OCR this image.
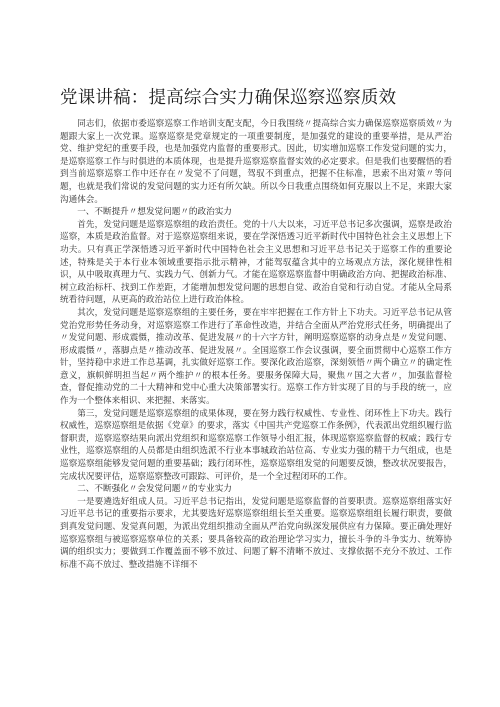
党课讲稿：提高综合实力确保巡察巡察质效

同志们，依据市委巡察巡察工作培训支配支配，今日我围绕〃提高综合实力确保巡察巡察质效〃为题跟大家上一次党课。巡察巡察是党章规定的一项重要制度，是加强党的建设的重要举措，是从严治党、维护党纪的重要手段，也是加强党内监督的重要形式。因此，切实增加巡察工作发觉问题的实力，是巡察巡察工作与时俱进的本质体现，也是提升巡察巡察监督实效的必定要求。但是我们也要醒悟的看到当前巡察巡察工作中还存在〃发觉不了问题，驾驭不到重点，把握不住标准，思索不出对策〃等问题，也就是我们常说的发觉问题的实力还有所欠缺。所以今日我重点围绕如何克服以上不足，来跟大家沟通体会。

一、不断提升〃想发觉问题〃的政治实力

首先，发觉问题是巡察巡察组的政治责任。党的十八大以来，习近平总书记多次强调，巡察是政治巡察，本质是政治监督。对于巡察巡察组来说，要在学深悟透习近平新时代中国特色社会主义思想上下功夫。只有真正学深悟透习近平新时代中国特色社会主义思想和习近平总书记关于巡察工作的重要论述，特殊是关于本行业本领域重要指示批示精神，才能驾驭蕴含其中的立场观点方法，深化规律性相识，从中吸取真理力气、实践力气、创新力气。才能在巡察巡察监督中明确政治方向、把握政治标准、树立政治标杆、找到工作差距，才能增加想发觉问题的思想自觉、政治自觉和行动自觉。才能从全局系统看待问题，从更高的政治站位上进行政治体检。

其次，发觉问题是巡察巡察组的主要任务，要在牢牢把握在工作方针上下功夫。习近平总书记从管党治党形势任务动身，对巡察巡察工作进行了革命性改造，并结合全面从严治党形式任务，明确提出了〃发觉问题、形成震慑，推动改革、促进发展〃的十六字方针，阐明巡察巡察的动身点是〃发觉问题、形成震慑〃，落脚点是〃推动改革、促进发展〃。全国巡察工作会议强调，要全面贯彻中心巡察工作方针，坚持稳中求进工作总基调，扎实做好巡察工作。要深化政治巡察，深刻领悟〃两个确立〃的确定性意义，旗帜鲜明担当起〃两个维护〃的根本任务。要服务保障大局，聚焦〃国之大者〃，加强监督检查，督促推动党的二十大精神和党中心重大决策部署实行。巡察工作方针实现了目的与手段的统一，应作为一个整体来相识、来把握、来落实。

第三，发觉问题是巡察巡察组的成果体现，要在努力践行权威性、专业性、闭环性上下功夫。践行权威性，巡察巡察组是依据《党章》的要求，落实《中国共产党巡察工作条例》，代表派出党组织履行监督职责，巡察巡察结果向派出党组织和巡察巡察工作领导小组汇报，体现巡察巡察监督的权威；践行专业性，巡察巡察组的人员都是由组织选派不行业本事城政治站位高、专业实力强的精干力气组成，也是巡察巡察组能够发觉问题的重要基础；践行闭环性，巡察巡察组发觉的问题要反馈，整改状况要报告，完成状况要评估，巡察巡察整改可跟踪、可评价，是一个全过程闭环的工作。

二、不断强化〃会发觉问题〃的专业实力

一是要遴选好组成人员。习近平总书记指出，发觉问题是巡察监督的首要职责。巡察巡察组落实好习近平总书记的重要指示要求，尤其要选好巡察巡察组组长至关重要。巡察巡察组组长履行职责，要做到真发觉问题、发觉真问题，为派出党组织推动全面从严治党向纵深发展供应有力保障。要正确处理好巡察巡察组与被巡察巡察单位的关系；要具备较高的政治理论学习实力，擅长斗争的斗争实力、统筹协调的组织实力；要做到工作覆盖面不够不放过、问题了解不清晰不放过、支撑依据不充分不放过、工作标准不高不放过、整改措施不详细不
